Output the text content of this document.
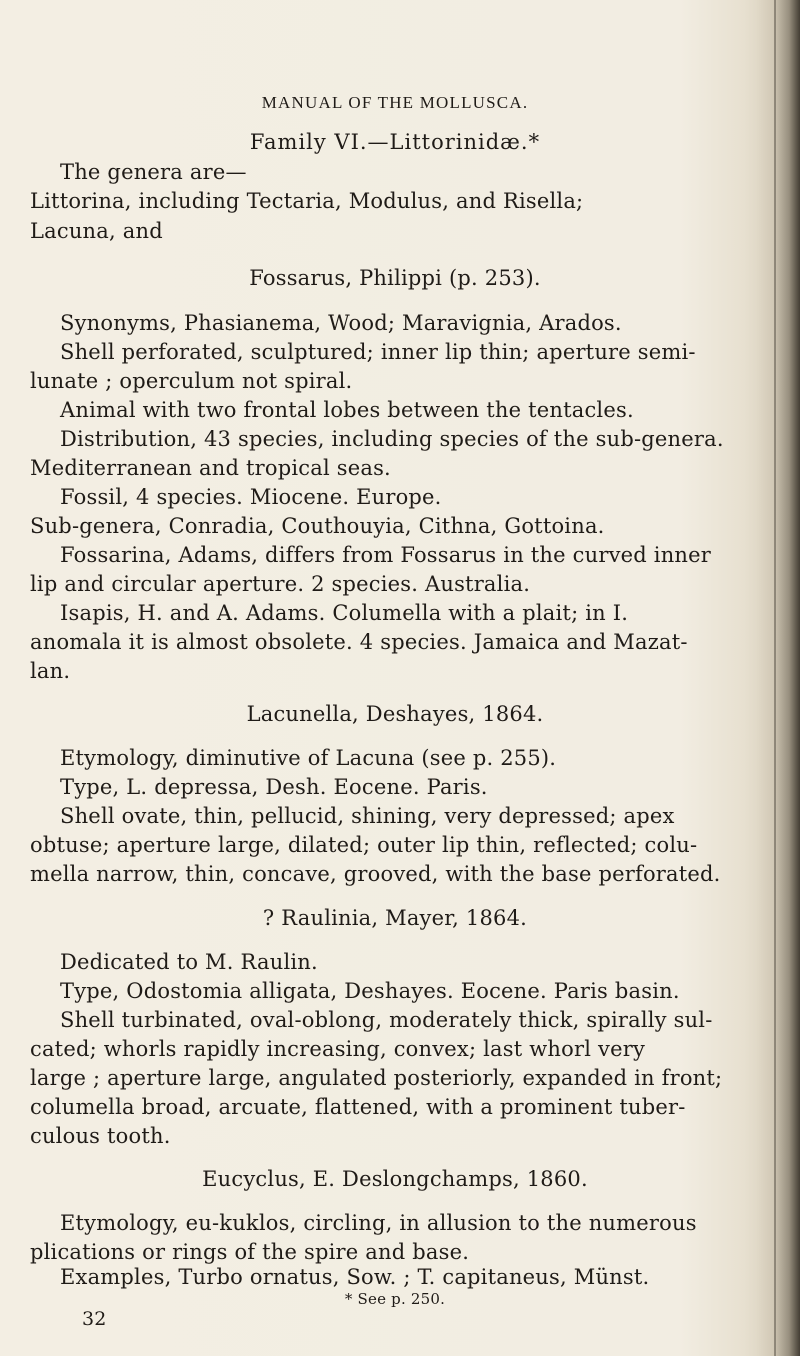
MANUAL OF THE MOLLUSCA.
Family VI.—Littorinidæ.*
The genera are—
Littorina, including Tectaria, Modulus, and Risella;
Lacuna, and
Fossarus, Philippi (p. 253).
Synonyms, Phasianema, Wood; Maravignia, Arados.
Shell perforated, sculptured; inner lip thin; aperture semi-
lunate ; operculum not spiral.
Animal with two frontal lobes between the tentacles.
Distribution, 43 species, including species of the sub-genera.
Mediterranean and tropical seas.
Fossil, 4 species. Miocene. Europe.
Sub-genera, Conradia, Couthouyia, Cithna, Gottoina.
Fossarina, Adams, differs from Fossarus in the curved inner
lip and circular aperture. 2 species. Australia.
Isapis, H. and A. Adams. Columella with a plait; in I.
anomala it is almost obsolete. 4 species. Jamaica and Mazat-
lan.
Lacunella, Deshayes, 1864.
Etymology, diminutive of Lacuna (see p. 255).
Type, L. depressa, Desh. Eocene. Paris.
Shell ovate, thin, pellucid, shining, very depressed; apex
obtuse; aperture large, dilated; outer lip thin, reflected; colu-
mella narrow, thin, concave, grooved, with the base perforated.
? Raulinia, Mayer, 1864.
Dedicated to M. Raulin.
Type, Odostomia alligata, Deshayes. Eocene. Paris basin.
Shell turbinated, oval-oblong, moderately thick, spirally sul-
cated; whorls rapidly increasing, convex; last whorl very
large ; aperture large, angulated posteriorly, expanded in front;
columella broad, arcuate, flattened, with a prominent tuber-
culous tooth.
Eucyclus, E. Deslongchamps, 1860.
Etymology, eu-kuklos, circling, in allusion to the numerous
plications or rings of the spire and base.
Examples, Turbo ornatus, Sow. ; T. capitaneus, Münst.
* See p. 250.
32
